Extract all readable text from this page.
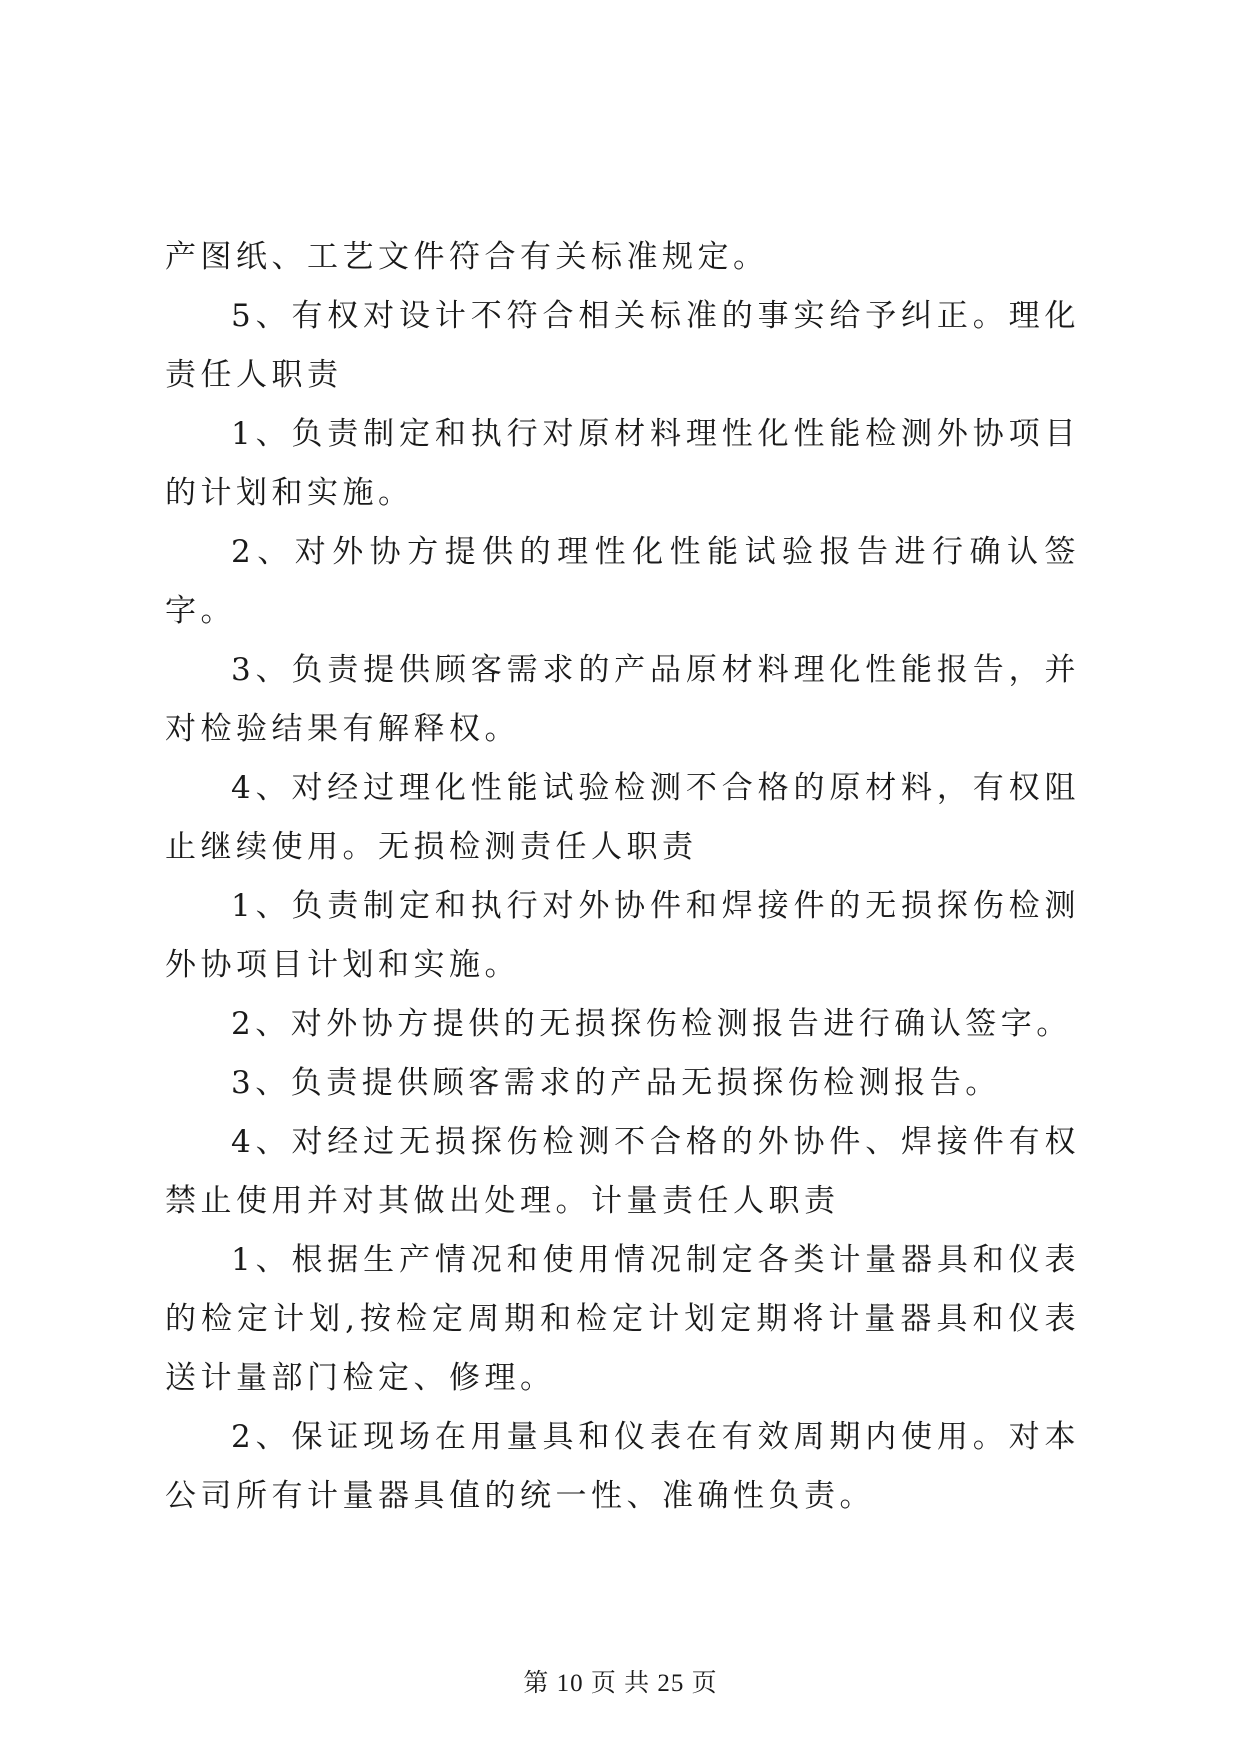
产图纸、工艺文件符合有关标准规定。

5、有权对设计不符合相关标准的事实给予纠正。理化责任人职责

1、负责制定和执行对原材料理性化性能检测外协项目的计划和实施。

2、对外协方提供的理性化性能试验报告进行确认签字。

3、负责提供顾客需求的产品原材料理化性能报告，并对检验结果有解释权。

4、对经过理化性能试验检测不合格的原材料，有权阻止继续使用。无损检测责任人职责

1、负责制定和执行对外协件和焊接件的无损探伤检测外协项目计划和实施。

2、对外协方提供的无损探伤检测报告进行确认签字。

3、负责提供顾客需求的产品无损探伤检测报告。

4、对经过无损探伤检测不合格的外协件、焊接件有权禁止使用并对其做出处理。计量责任人职责

1、根据生产情况和使用情况制定各类计量器具和仪表的检定计划,按检定周期和检定计划定期将计量器具和仪表送计量部门检定、修理。

2、保证现场在用量具和仪表在有效周期内使用。对本公司所有计量器具值的统一性、准确性负责。

第 10 页 共 25 页
